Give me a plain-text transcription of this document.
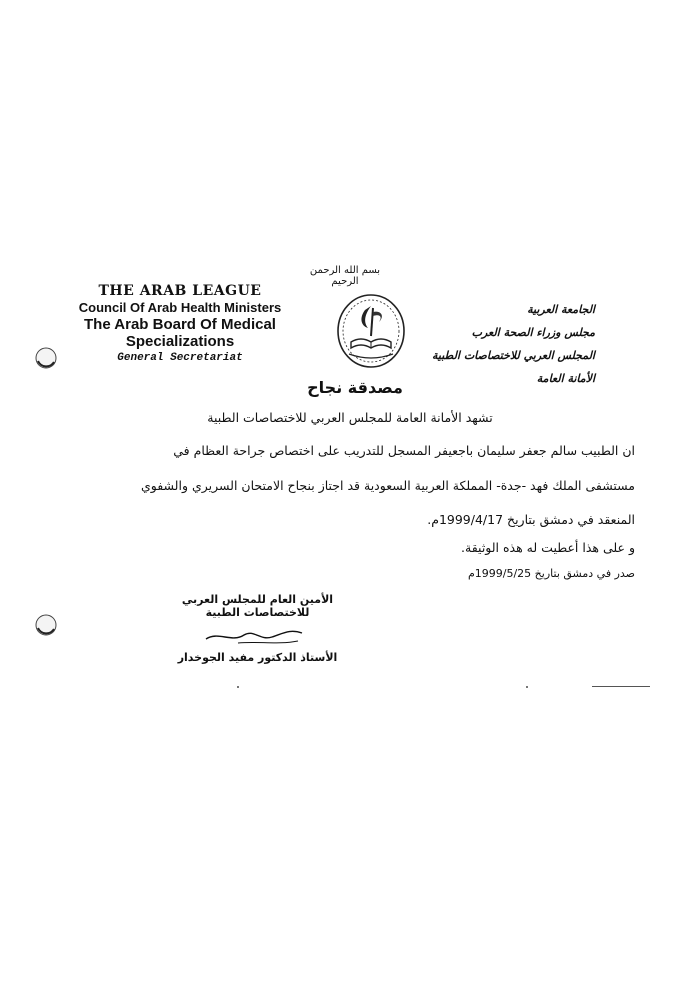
بسم الله الرحمن الرحيم
THE ARAB LEAGUE
Council Of Arab Health Ministers
The Arab Board Of Medical Specializations
General Secretariat
الجامعة العربية
مجلس وزراء الصحة العرب
المجلس العربي للاختصاصات الطبية
الأمانة العامة
مصدقة نجاح
تشهد الأمانة العامة للمجلس العربي للاختصاصات الطبية
ان الطبيب سالم جعفر سليمان باجعيفر المسجل للتدريب على اختصاص جراحة العظام في
مستشفى الملك فهد -جدة- المملكة العربية السعودية قد اجتاز بنجاح الامتحان السريري والشفوي
المنعقد في دمشق بتاريخ 1999/4/17م.
و على هذا أعطيت له هذه الوثيقة.
صدر في دمشق بتاريخ 1999/5/25م
الأمين العام للمجلس العربي للاختصاصات الطبية
الأستاذ الدكتور مفيد الجوخدار
